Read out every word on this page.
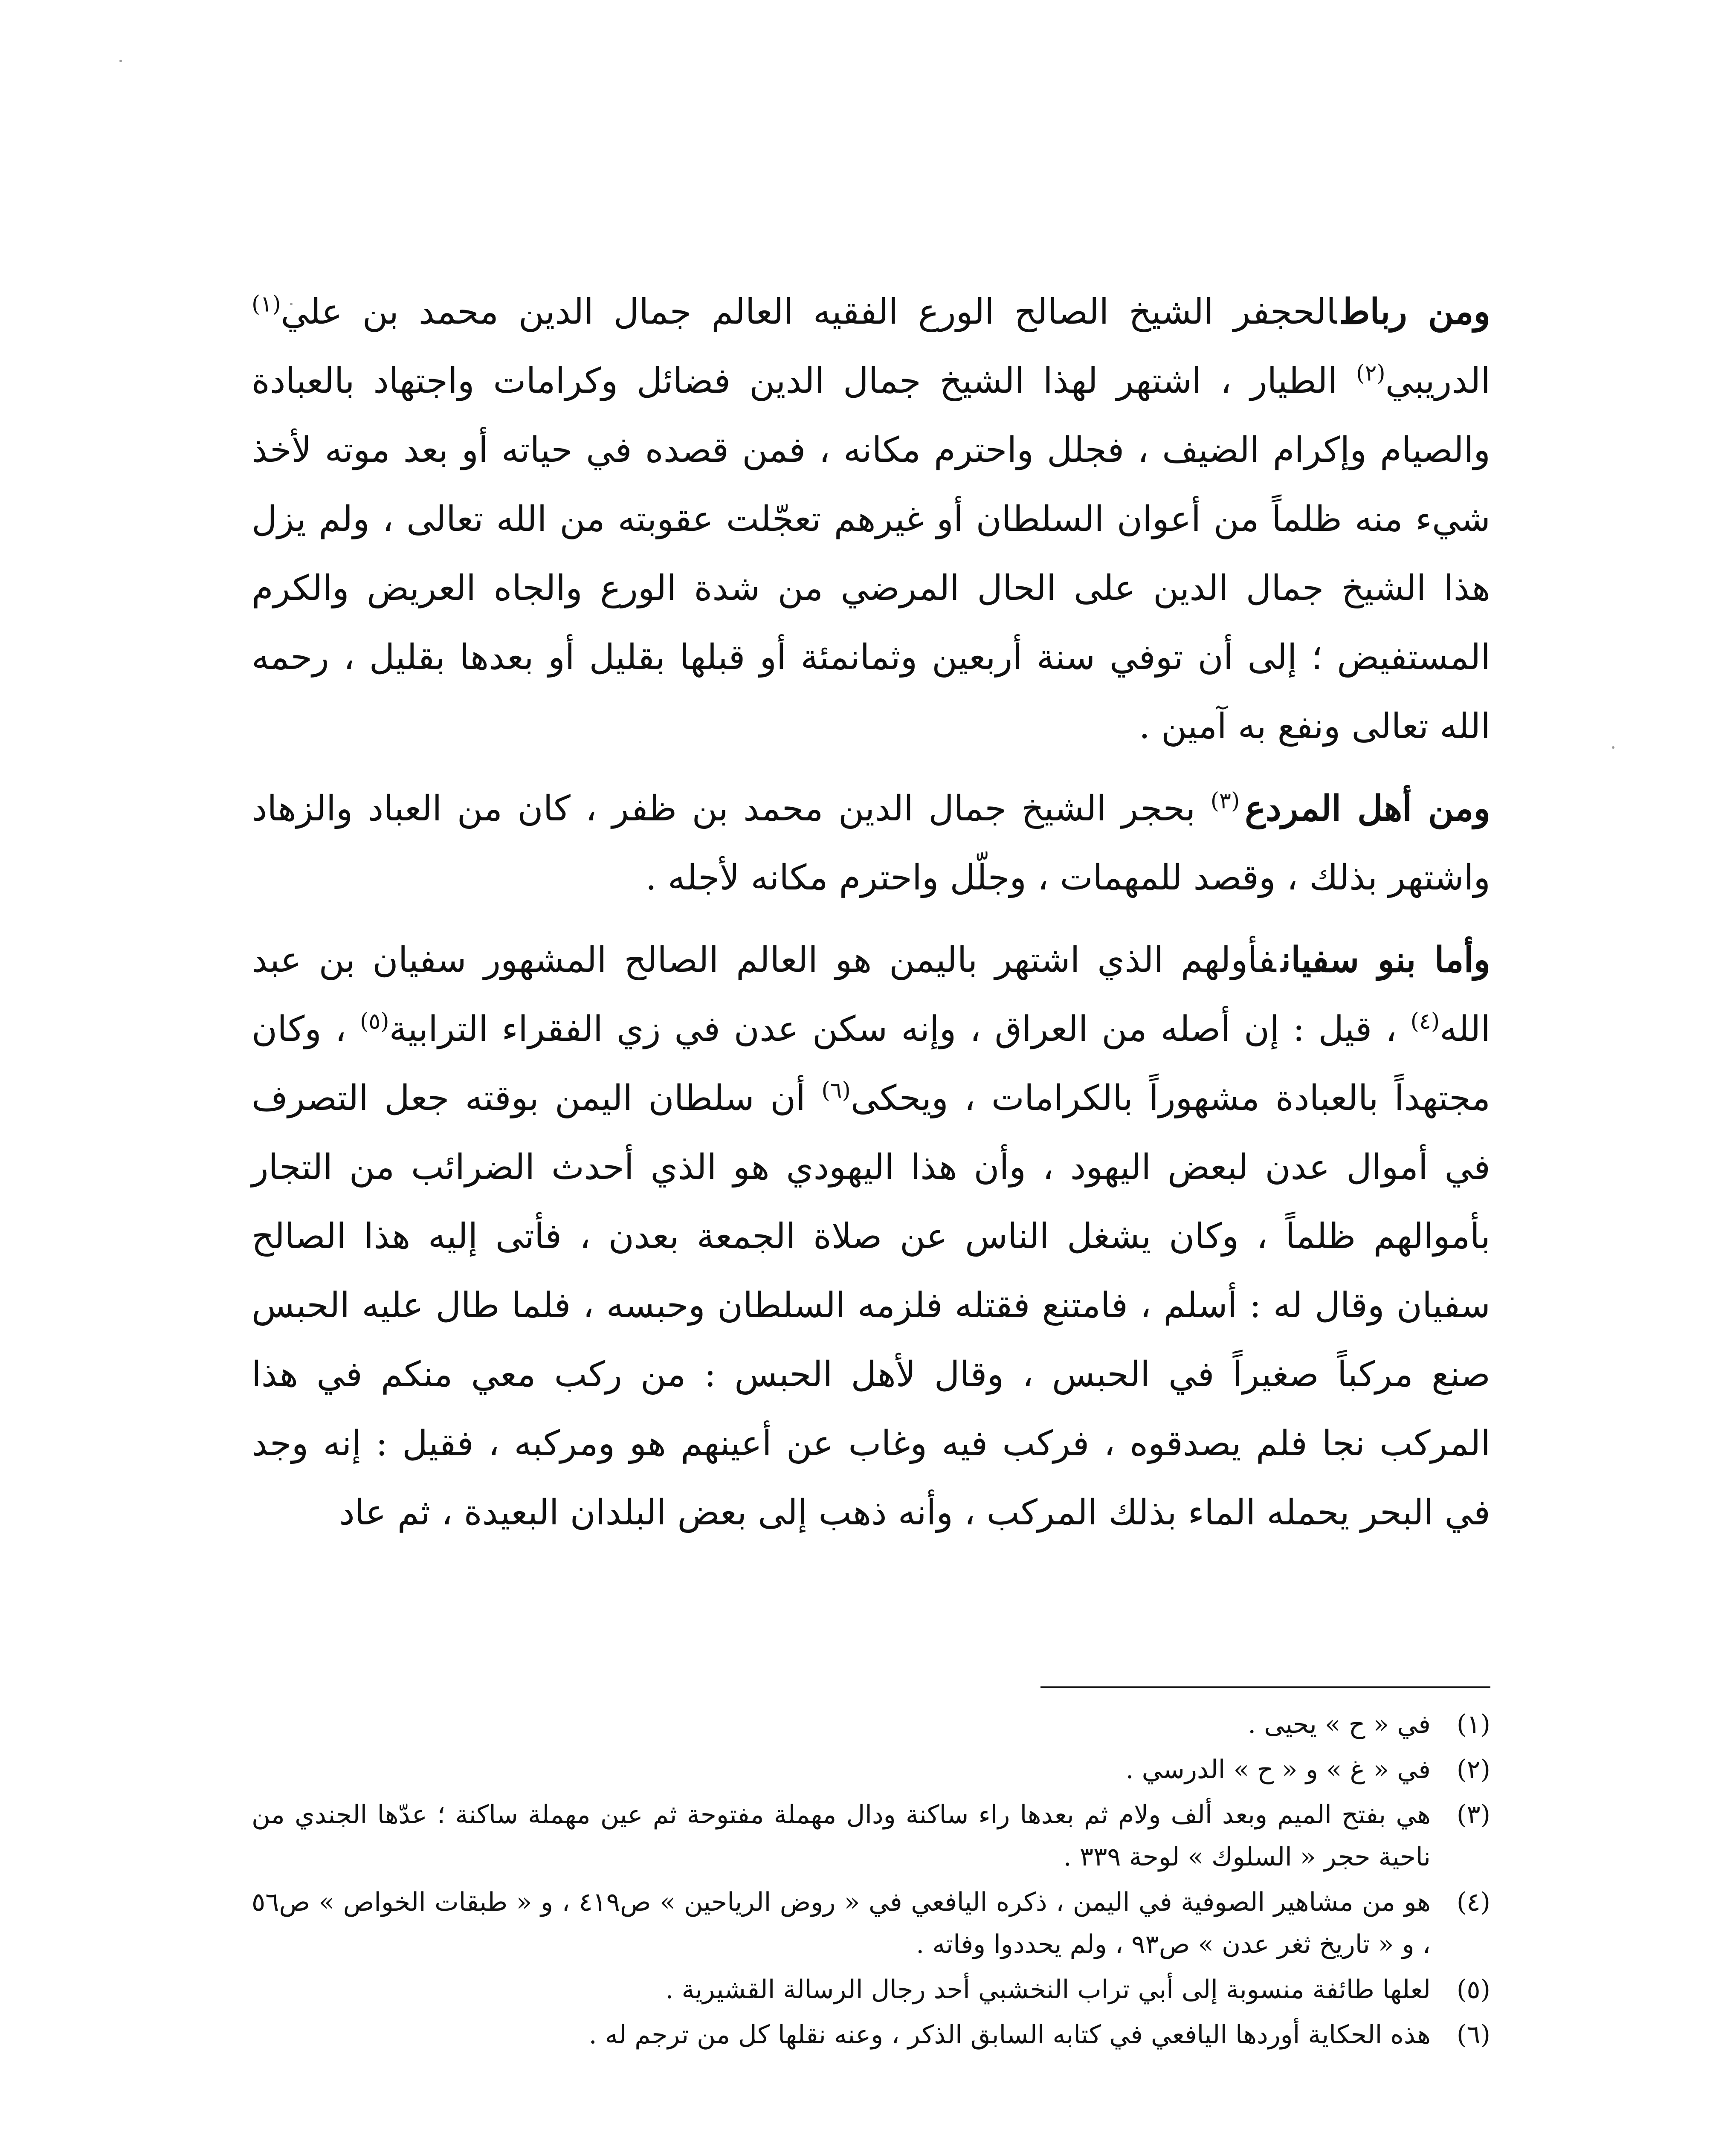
ومن رباطالحجفر الشيخ الصالح الورع الفقيه العالم جمال الدين محمد بن علي$^{(١)}$ الدريبي$^{(٢)}$ الطيار ، اشتهر لهذا الشيخ جمال الدين فضائل وكرامات واجتهاد بالعبادة والصيام وإكرام الضيف ، فجلل واحترم مكانه ، فمن قصده في حياته أو بعد موته لأخذ شيء منه ظلماً من أعوان السلطان أو غيرهم تعجّلت عقوبته من الله تعالى ، ولم يزل هذا الشيخ جمال الدين على الحال المرضي من شدة الورع والجاه العريض والكرم المستفيض ؛ إلى أن توفي سنة أربعين وثمانمئة أو قبلها بقليل أو بعدها بقليل ، رحمه الله تعالى ونفع به آمين .

ومن أهل المردع$^{(٣)}$ بحجر الشيخ جمال الدين محمد بن ظفر ، كان من العباد والزهاد واشتهر بذلك ، وقصد للمهمات ، وجلّل واحترم مكانه لأجله .

وأما بنو سفيانفأولهم الذي اشتهر باليمن هو العالم الصالح المشهور سفيان بن عبد الله$^{(٤)}$ ، قيل : إن أصله من العراق ، وإنه سكن عدن في زي الفقراء الترابية$^{(٥)}$ ، وكان مجتهداً بالعبادة مشهوراً بالكرامات ، ويحكى$^{(٦)}$ أن سلطان اليمن بوقته جعل التصرف في أموال عدن لبعض اليهود ، وأن هذا اليهودي هو الذي أحدث الضرائب من التجار بأموالهم ظلماً ، وكان يشغل الناس عن صلاة الجمعة بعدن ، فأتى إليه هذا الصالح سفيان وقال له : أسلم ، فامتنع فقتله فلزمه السلطان وحبسه ، فلما طال عليه الحبس صنع مركباً صغيراً في الحبس ، وقال لأهل الحبس : من ركب معي منكم في هذا المركب نجا فلم يصدقوه ، فركب فيه وغاب عن أعينهم هو ومركبه ، فقيل : إنه وجد في البحر يحمله الماء بذلك المركب ، وأنه ذهب إلى بعض البلدان البعيدة ، ثم عاد

(١)
في « ح » يحيى .
(٢)
في « غ » و « ح » الدرسي .
(٣)
هي بفتح الميم وبعد ألف ولام ثم بعدها راء ساكنة ودال مهملة مفتوحة ثم عين مهملة ساكنة ؛ عدّها الجندي من ناحية حجر « السلوك » لوحة ٣٣٩ .
(٤)
هو من مشاهير الصوفية في اليمن ، ذكره اليافعي في « روض الرياحين » ص٤١٩ ، و « طبقات الخواص » ص٥٦ ، و « تاريخ ثغر عدن » ص٩٣ ، ولم يحددوا وفاته .
(٥)
لعلها طائفة منسوبة إلى أبي تراب النخشبي أحد رجال الرسالة القشيرية .
(٦)
هذه الحكاية أوردها اليافعي في كتابه السابق الذكر ، وعنه نقلها كل من ترجم له .
